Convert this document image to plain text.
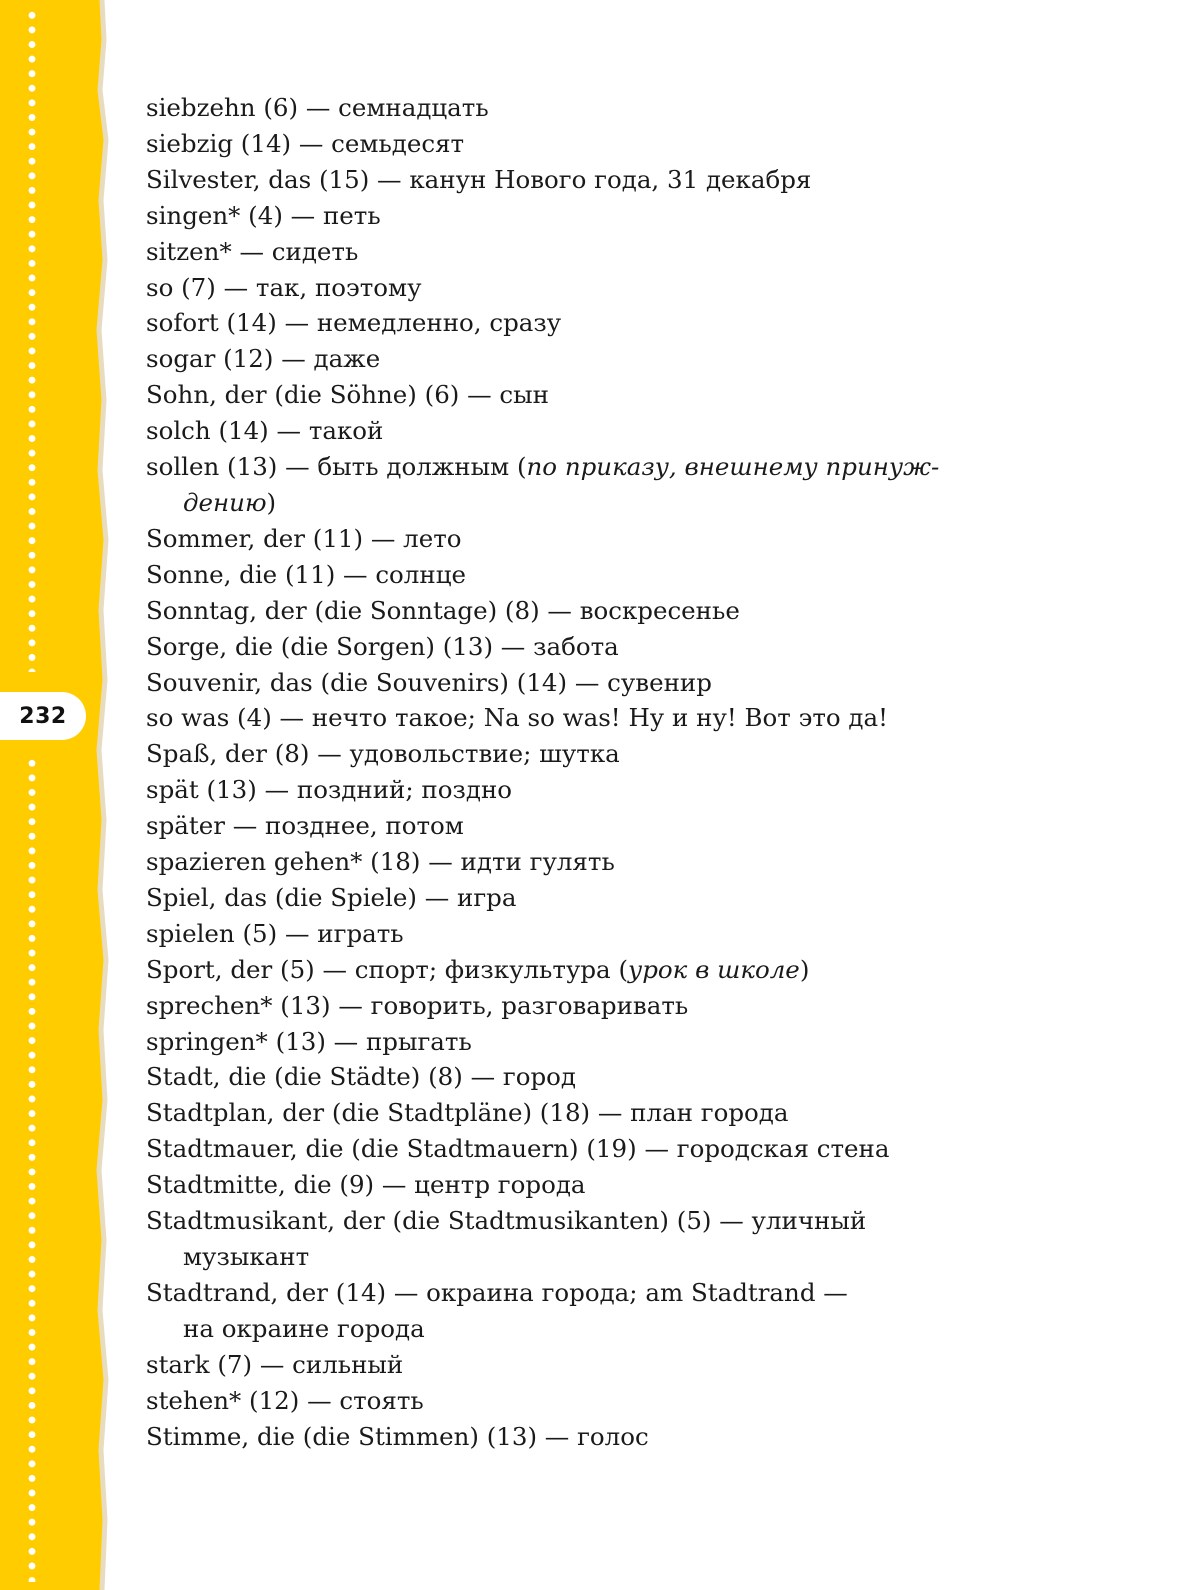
232

siebzehn (6) — семнадцать

siebzig (14) — семьдесят

Silvester, das (15) — канун Нового года, 31 декабря

singen* (4) — петь

sitzen* — сидеть

so (7) — так, поэтому

sofort (14) — немедленно, сразу

sogar (12) — даже

Sohn, der (die Söhne) (6) — сын

solch (14) — такой

sollen (13) — быть должным (по приказу, внешнему принуж-
дению)

Sommer, der (11) — лето

Sonne, die (11) — солнце

Sonntag, der (die Sonntage) (8) — воскресенье

Sorge, die (die Sorgen) (13) — забота

Souvenir, das (die Souvenirs) (14) — сувенир

so was (4) — нечто такое; Na so was! Ну и ну! Вот это да!

Spaß, der (8) — удовольствие; шутка

spät (13) — поздний; поздно

später — позднее, потом

spazieren gehen* (18) — идти гулять

Spiel, das (die Spiele) — игра

spielen (5) — играть

Sport, der (5) — спорт; физкультура (урок в школе)

sprechen* (13) — говорить, разговаривать

springen* (13) — прыгать

Stadt, die (die Städte) (8) — город

Stadtplan, der (die Stadtpläne) (18) — план города

Stadtmauer, die (die Stadtmauern) (19) — городская стена

Stadtmitte, die (9) — центр города

Stadtmusikant, der (die Stadtmusikanten) (5) — уличный
музыкант

Stadtrand, der (14) — окраина города; am Stadtrand —
на окраине города

stark (7) — сильный

stehen* (12) — стоять

Stimme, die (die Stimmen) (13) — голос
